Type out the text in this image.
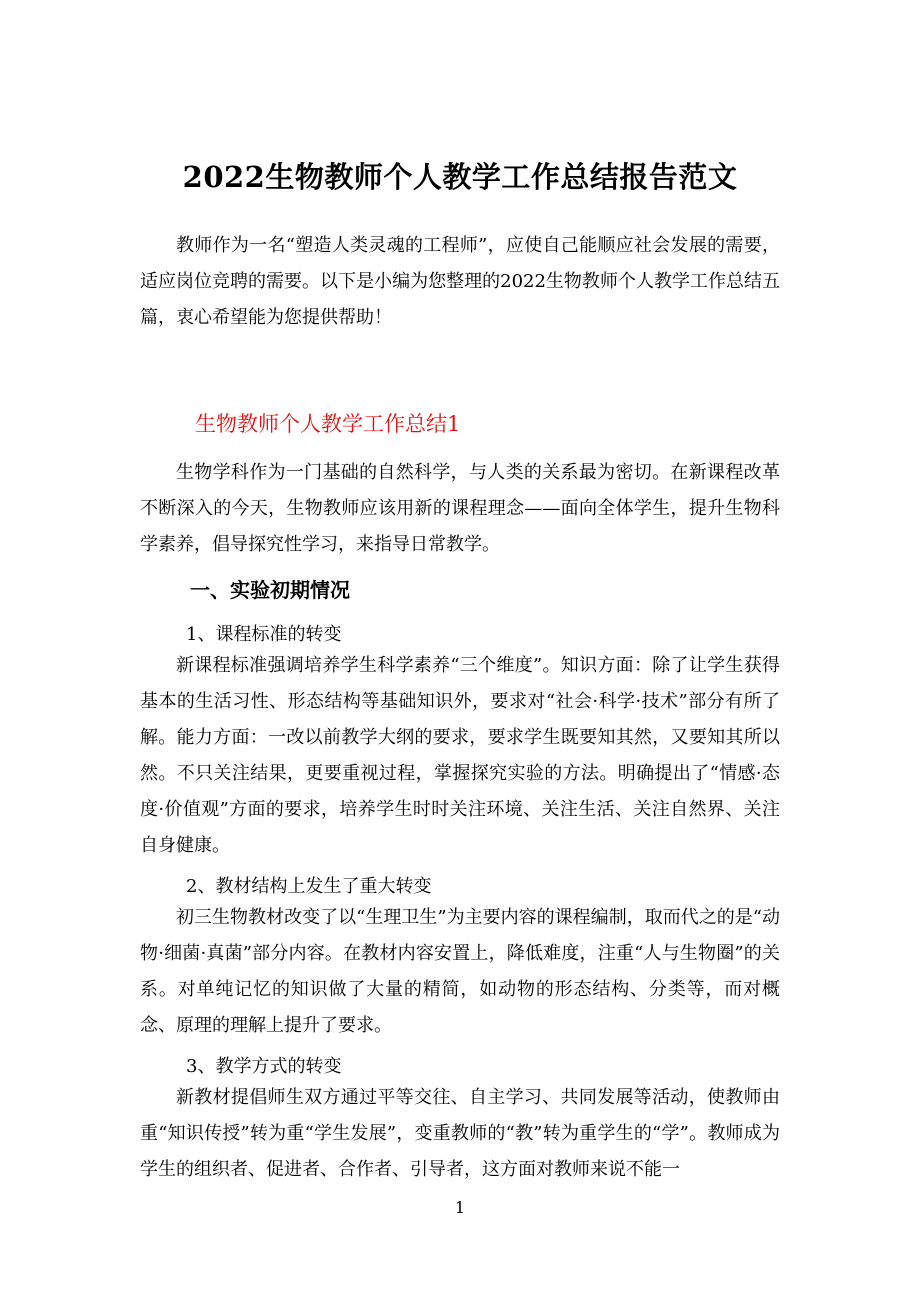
2022生物教师个人教学工作总结报告范文

教师作为一名“塑造人类灵魂的工程师”，应使自己能顺应社会发展的需要，适应岗位竞聘的需要。以下是小编为您整理的2022生物教师个人教学工作总结五篇，衷心希望能为您提供帮助！

生物教师个人教学工作总结1

生物学科作为一门基础的自然科学，与人类的关系最为密切。在新课程改革不断深入的今天，生物教师应该用新的课程理念——面向全体学生，提升生物科学素养，倡导探究性学习，来指导日常教学。

一、实验初期情况
1、课程标准的转变

新课程标准强调培养学生科学素养“三个维度”。知识方面：除了让学生获得基本的生活习性、形态结构等基础知识外，要求对“社会·科学·技术”部分有所了解。能力方面：一改以前教学大纲的要求，要求学生既要知其然，又要知其所以然。不只关注结果，更要重视过程，掌握探究实验的方法。明确提出了“情感·态度·价值观”方面的要求，培养学生时时关注环境、关注生活、关注自然界、关注自身健康。

2、教材结构上发生了重大转变

初三生物教材改变了以“生理卫生”为主要内容的课程编制，取而代之的是“动物·细菌·真菌”部分内容。在教材内容安置上，降低难度，注重“人与生物圈”的关系。对单纯记忆的知识做了大量的精简，如动物的形态结构、分类等，而对概念、原理的理解上提升了要求。

3、教学方式的转变

新教材提倡师生双方通过平等交往、自主学习、共同发展等活动，使教师由重“知识传授”转为重“学生发展”，变重教师的“教”转为重学生的“学”。教师成为学生的组织者、促进者、合作者、引导者，这方面对教师来说不能一

1
